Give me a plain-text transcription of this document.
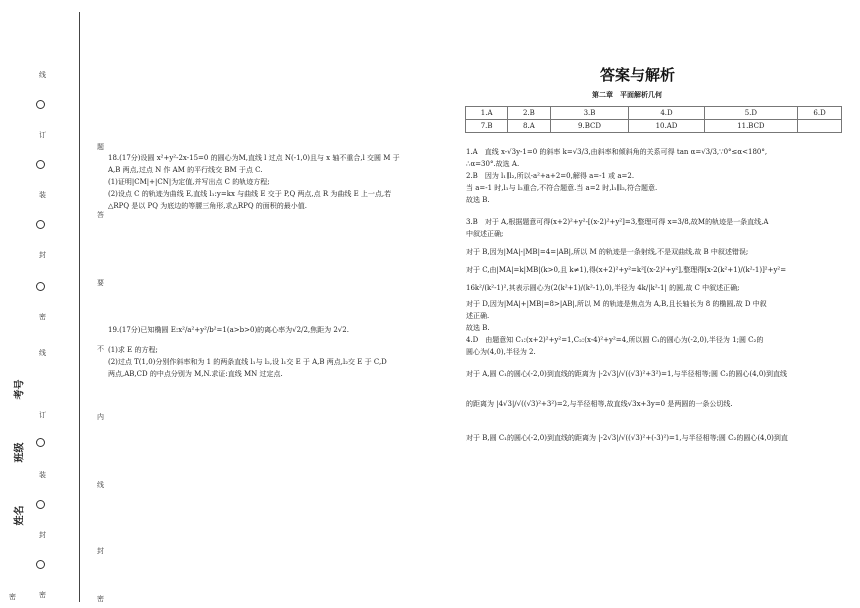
线
订
装
封
密
线
订
装
封
密
密
考号
班级
姓名
题
答
要
不
内
线
封
密

18.(17分)设圆 x²+y²-2x-15=0 的圆心为M,直线 l 过点 N(-1,0)且与 x 轴不重合,l 交圆 M 于

A,B 两点,过点 N 作 AM 的平行线交 BM 于点 C.

(1)证明|CM|+|CN|为定值,并写出点 C 的轨迹方程;

(2)设点 C 的轨迹为曲线 E,直线 l₁:y=kx 与曲线 E 交于 P,Q 两点,点 R 为曲线 E 上一点,若

△RPQ 是以 PQ 为底边的等腰三角形,求△RPQ 的面积的最小值.

19.(17分)已知椭圆 E:x²/a²+y²/b²=1(a>b>0)的离心率为√2/2,焦距为 2√2.

(1)求 E 的方程;

(2)过点 T(1,0)分别作斜率和为 1 的两条直线 l₁与 l₂,设 l₁交 E 于 A,B 两点,l₂交 E 于 C,D

两点,AB,CD 的中点分别为 M,N.求证:直线 MN 过定点.

答案与解析
第二章　平面解析几何
1.A	2.B	3.B	4.D	5.D	6.D
7.B	8.A	9.BCD	10.AD	11.BCD	

1.A　直线 x-√3y-1=0 的斜率 k=√3/3,由斜率和倾斜角的关系可得 tan α=√3/3,∵0°≤α<180°,

∴α=30°.故选 A.

2.B　因为 l₁∥l₂,所以-a²+a+2=0,解得 a=-1 或 a=2.

当 a=-1 时,l₁与 l₂重合,不符合题意.当 a=2 时,l₁∥l₂,符合题意.

故选 B.

3.B　对于 A,根据题意可得(x+2)²+y²-[(x-2)²+y²]=3,整理可得 x=3/8,故M的轨迹是一条直线,A

中叙述正确;

对于 B,因为|MA|-|MB|=4=|AB|,所以 M 的轨迹是一条射线,不是双曲线,故 B 中叙述错误;

对于 C,由|MA|=k|MB|(k>0,且 k≠1),得(x+2)²+y²=k²[(x-2)²+y²],整理得[x-2(k²+1)/(k²-1)]²+y²=

16k²/(k²-1)²,其表示圆心为(2(k²+1)/(k²-1),0),半径为 4k/|k²-1| 的圆,故 C 中叙述正确;

对于 D,因为|MA|+|MB|=8>|AB|,所以 M 的轨迹是焦点为 A,B,且长轴长为 8 的椭圆,故 D 中叙

述正确.

故选 B.

4.D　由题意知 C₁:(x+2)²+y²=1,C₂:(x-4)²+y²=4,所以圆 C₁的圆心为(-2,0),半径为 1;圆 C₂的

圆心为(4,0),半径为 2.

对于 A,圆 C₁的圆心(-2,0)到直线的距离为 |-2√3|/√((√3)²+3²)=1,与半径相等;圆 C₂的圆心(4,0)到直线

的距离为 |4√3|/√((√3)²+3²)=2,与半径相等,故直线√3x+3y=0 是两圆的一条公切线.

对于 B,圆 C₁的圆心(-2,0)到直线的距离为 |-2√3|/√((√3)²+(-3)²)=1,与半径相等;圆 C₂的圆心(4,0)到直
